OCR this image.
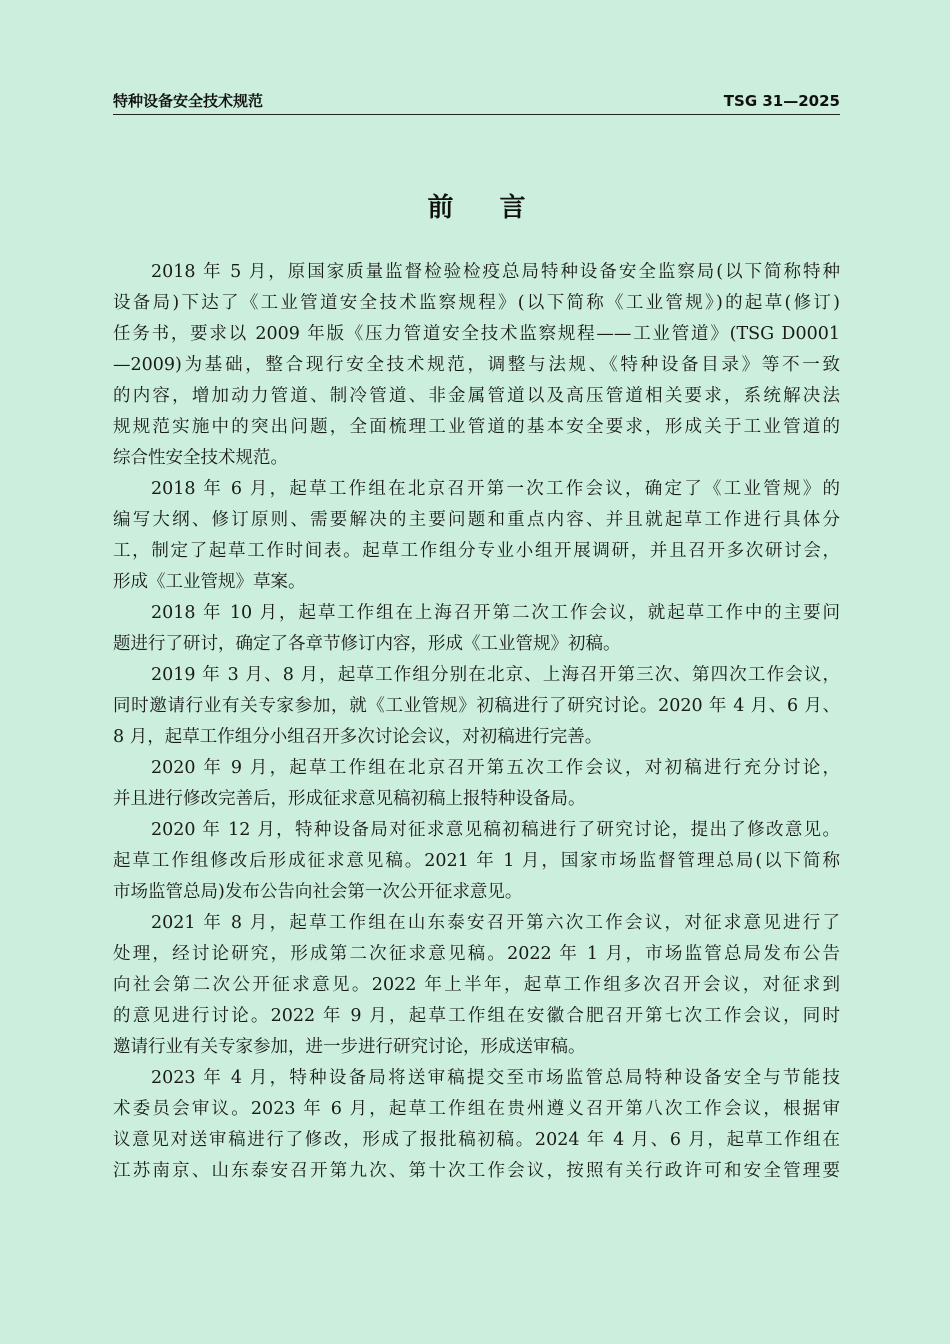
特种设备安全技术规范	TSG 31—2025
前言
2018 年 5 月，原国家质量监督检验检疫总局特种设备安全监察局(以下简称特种
设备局)下达了《工业管道安全技术监察规程》(以下简称《工业管规》)的起草(修订)
任务书，要求以 2009 年版《压力管道安全技术监察规程——工业管道》(TSG D0001
—2009)为基础，整合现行安全技术规范，调整与法规、《特种设备目录》等不一致
的内容，增加动力管道、制冷管道、非金属管道以及高压管道相关要求，系统解决法
规规范实施中的突出问题，全面梳理工业管道的基本安全要求，形成关于工业管道的
综合性安全技术规范。
2018 年 6 月，起草工作组在北京召开第一次工作会议，确定了《工业管规》的
编写大纲、修订原则、需要解决的主要问题和重点内容、并且就起草工作进行具体分
工，制定了起草工作时间表。起草工作组分专业小组开展调研，并且召开多次研讨会，
形成《工业管规》草案。
2018 年 10 月，起草工作组在上海召开第二次工作会议，就起草工作中的主要问
题进行了研讨，确定了各章节修订内容，形成《工业管规》初稿。
2019 年 3 月、8 月，起草工作组分别在北京、上海召开第三次、第四次工作会议，
同时邀请行业有关专家参加，就《工业管规》初稿进行了研究讨论。2020 年 4 月、6 月、
8 月，起草工作组分小组召开多次讨论会议，对初稿进行完善。
2020 年 9 月，起草工作组在北京召开第五次工作会议，对初稿进行充分讨论，
并且进行修改完善后，形成征求意见稿初稿上报特种设备局。
2020 年 12 月，特种设备局对征求意见稿初稿进行了研究讨论，提出了修改意见。
起草工作组修改后形成征求意见稿。2021 年 1 月，国家市场监督管理总局(以下简称
市场监管总局)发布公告向社会第一次公开征求意见。
2021 年 8 月，起草工作组在山东泰安召开第六次工作会议，对征求意见进行了
处理，经讨论研究，形成第二次征求意见稿。2022 年 1 月，市场监管总局发布公告
向社会第二次公开征求意见。2022 年上半年，起草工作组多次召开会议，对征求到
的意见进行讨论。2022 年 9 月，起草工作组在安徽合肥召开第七次工作会议，同时
邀请行业有关专家参加，进一步进行研究讨论，形成送审稿。
2023 年 4 月，特种设备局将送审稿提交至市场监管总局特种设备安全与节能技
术委员会审议。2023 年 6 月，起草工作组在贵州遵义召开第八次工作会议，根据审
议意见对送审稿进行了修改，形成了报批稿初稿。2024 年 4 月、6 月，起草工作组在
江苏南京、山东泰安召开第九次、第十次工作会议，按照有关行政许可和安全管理要
